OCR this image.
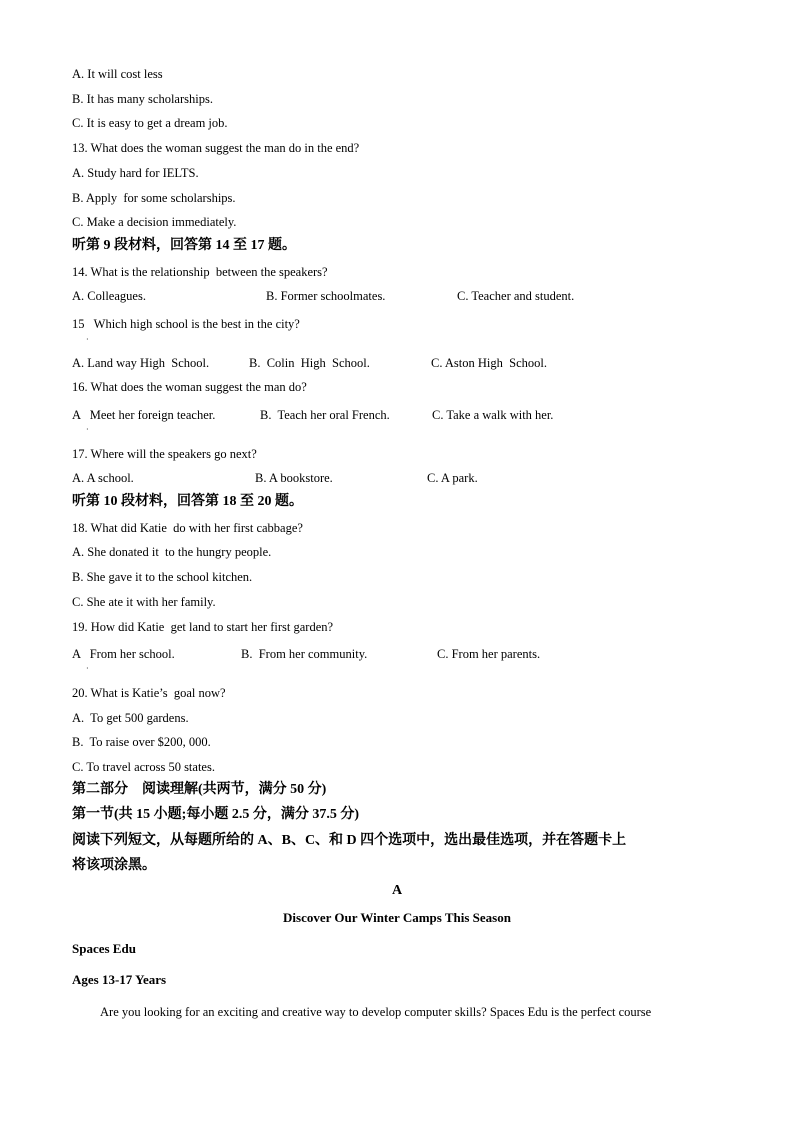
A. It will cost less
B. It has many scholarships.
C. It is easy to get a dream job.
13. What does the woman suggest the man do in the end?
A. Study hard for IELTS.
B. Apply  for some scholarships.
C. Make a decision immediately.
听第 9 段材料，回答第 14 至 17 题。
14. What is the relationship  between the speakers?

A. Colleagues.

	B. Former schoolmates.

	C. Teacher and student.

15   Which high school is the best in the city?
·

A. Land way High  School.

	B.  Colin  High  School.

	C. Aston High  School.

16. What does the woman suggest the man do?

A   Meet her foreign teacher.

	B.  Teach her oral French.

	C. Take a walk with her.

·
17. Where will the speakers go next?

A. A school.

	B. A bookstore.

	C. A park.

听第 10 段材料，回答第 18 至 20 题。
18. What did Katie  do with her first cabbage?
A. She donated it  to the hungry people.
B. She gave it to the school kitchen.
C. She ate it with her family.
19. How did Katie  get land to start her first garden?

A   From her school.

	B.  From her community.

	C. From her parents.

·
20. What is Katie’s  goal now?
A.  To get 500 gardens.
B.  To raise over $200, 000.
C. To travel across 50 states.
第二部分    阅读理解(共两节，满分 50 分)
第一节(共 15 小题;每小题 2.5 分，满分 37.5 分)
阅读下列短文，从每题所给的 A、B、C、和 D 四个选项中，选出最佳选项，并在答题卡上
将该项涂黑。
A
Discover Our Winter Camps This Season
Spaces Edu
Ages 13-17 Years
Are you looking for an exciting and creative way to develop computer skills? Spaces Edu is the perfect course
